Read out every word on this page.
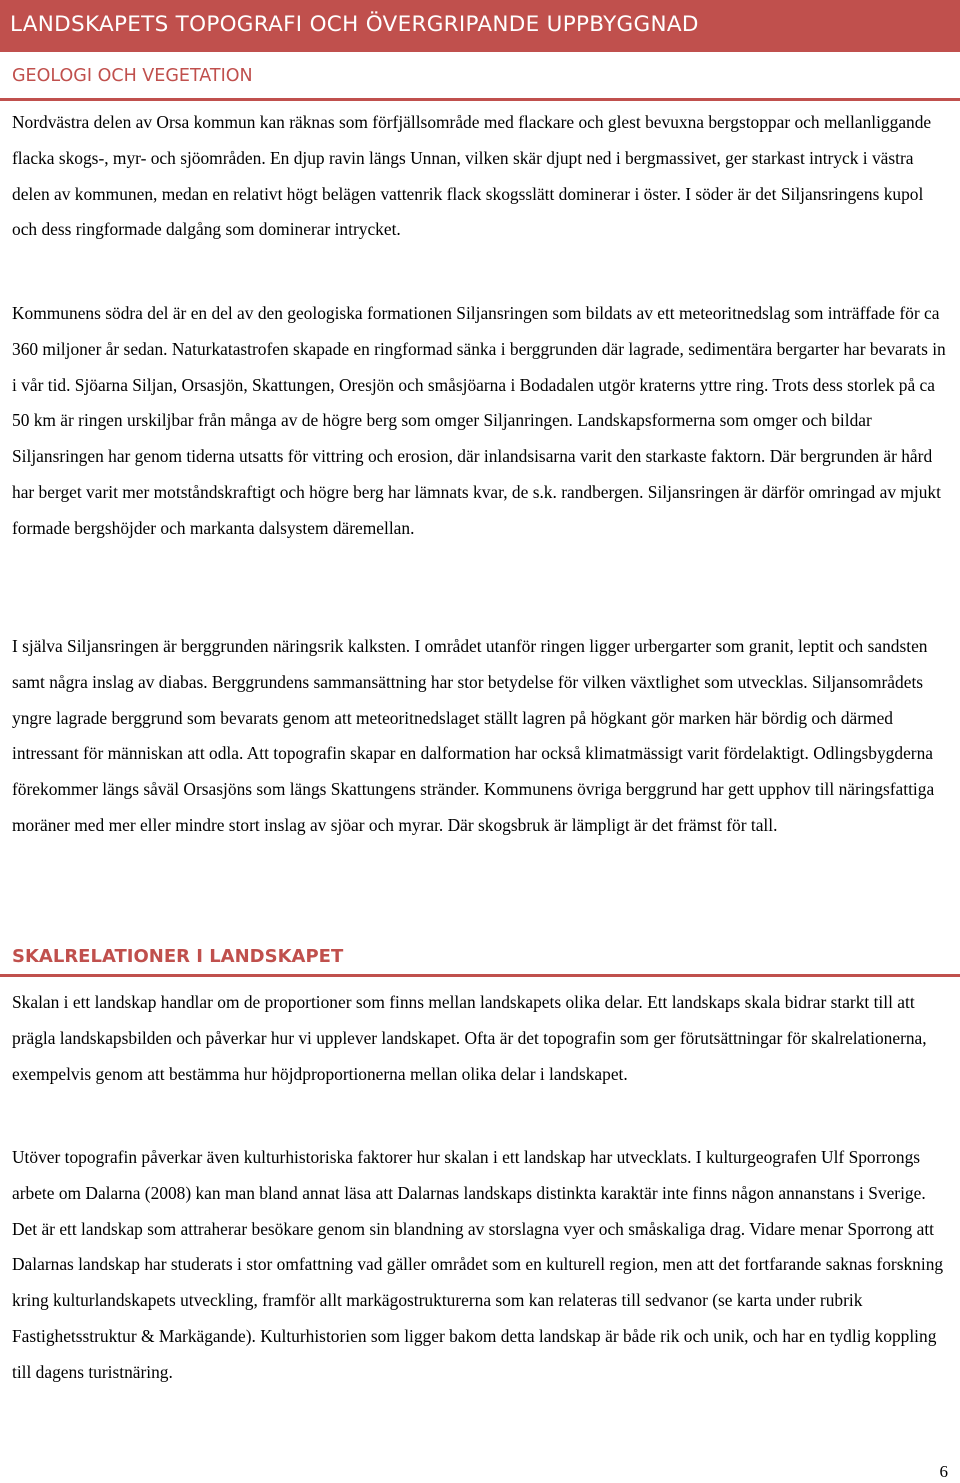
LANDSKAPETS TOPOGRAFI OCH ÖVERGRIPANDE UPPBYGGNAD
GEOLOGI OCH VEGETATION

Nordvästra delen av Orsa kommun kan räknas som förfjällsområde med flackare och glest bevuxna bergstoppar och mellanliggande flacka skogs-, myr- och sjöområden. En djup ravin längs Unnan, vilken skär djupt ned i bergmassivet, ger starkast intryck i västra delen av kommunen, medan en relativt högt belägen vattenrik flack skogsslätt dominerar i öster. I söder är det Siljansringens kupol och dess ringformade dalgång som dominerar intrycket.

Kommunens södra del är en del av den geologiska formationen Siljansringen som bildats av ett meteoritnedslag som inträffade för ca 360 miljoner år sedan. Naturkatastrofen skapade en ringformad sänka i berggrunden där lagrade, sedimentära bergarter har bevarats in i vår tid. Sjöarna Siljan, Orsasjön, Skattungen, Oresjön och småsjöarna i Bodadalen utgör kraterns yttre ring. Trots dess storlek på ca 50 km är ringen urskiljbar från många av de högre berg som omger Siljanringen. Landskapsformerna som omger och bildar Siljansringen har genom tiderna utsatts för vittring och erosion, där inlandsisarna varit den starkaste faktorn. Där bergrunden är hård har berget varit mer motståndskraftigt och högre berg har lämnats kvar, de s.k. randbergen. Siljansringen är därför omringad av mjukt formade bergshöjder och markanta dalsystem däremellan.

I själva Siljansringen är berggrunden näringsrik kalksten. I området utanför ringen ligger urbergarter som granit, leptit och sandsten samt några inslag av diabas. Berggrundens sammansättning har stor betydelse för vilken växtlighet som utvecklas. Siljansområdets yngre lagrade berggrund som bevarats genom att meteoritnedslaget ställt lagren på högkant gör marken här bördig och därmed intressant för människan att odla. Att topografin skapar en dalformation har också klimatmässigt varit fördelaktigt. Odlingsbygderna förekommer längs såväl Orsasjöns som längs Skattungens stränder. Kommunens övriga berggrund har gett upphov till näringsfattiga moräner med mer eller mindre stort inslag av sjöar och myrar. Där skogsbruk är lämpligt är det främst för tall.

SKALRELATIONER I LANDSKAPET

Skalan i ett landskap handlar om de proportioner som finns mellan landskapets olika delar. Ett landskaps skala bidrar starkt till att prägla landskapsbilden och påverkar hur vi upplever landskapet. Ofta är det topografin som ger förutsättningar för skalrelationerna, exempelvis genom att bestämma hur höjdproportionerna mellan olika delar i landskapet.

Utöver topografin påverkar även kulturhistoriska faktorer hur skalan i ett landskap har utvecklats. I kulturgeografen Ulf Sporrongs arbete om Dalarna (2008) kan man bland annat läsa att Dalarnas landskaps distinkta karaktär inte finns någon annanstans i Sverige. Det är ett landskap som attraherar besökare genom sin blandning av storslagna vyer och småskaliga drag. Vidare menar Sporrong att Dalarnas landskap har studerats i stor omfattning vad gäller området som en kulturell region, men att det fortfarande saknas forskning kring kulturlandskapets utveckling, framför allt markägostrukturerna som kan relateras till sedvanor (se karta under rubrik Fastighetsstruktur & Markägande). Kulturhistorien som ligger bakom detta landskap är både rik och unik, och har en tydlig koppling till dagens turistnäring.

6
